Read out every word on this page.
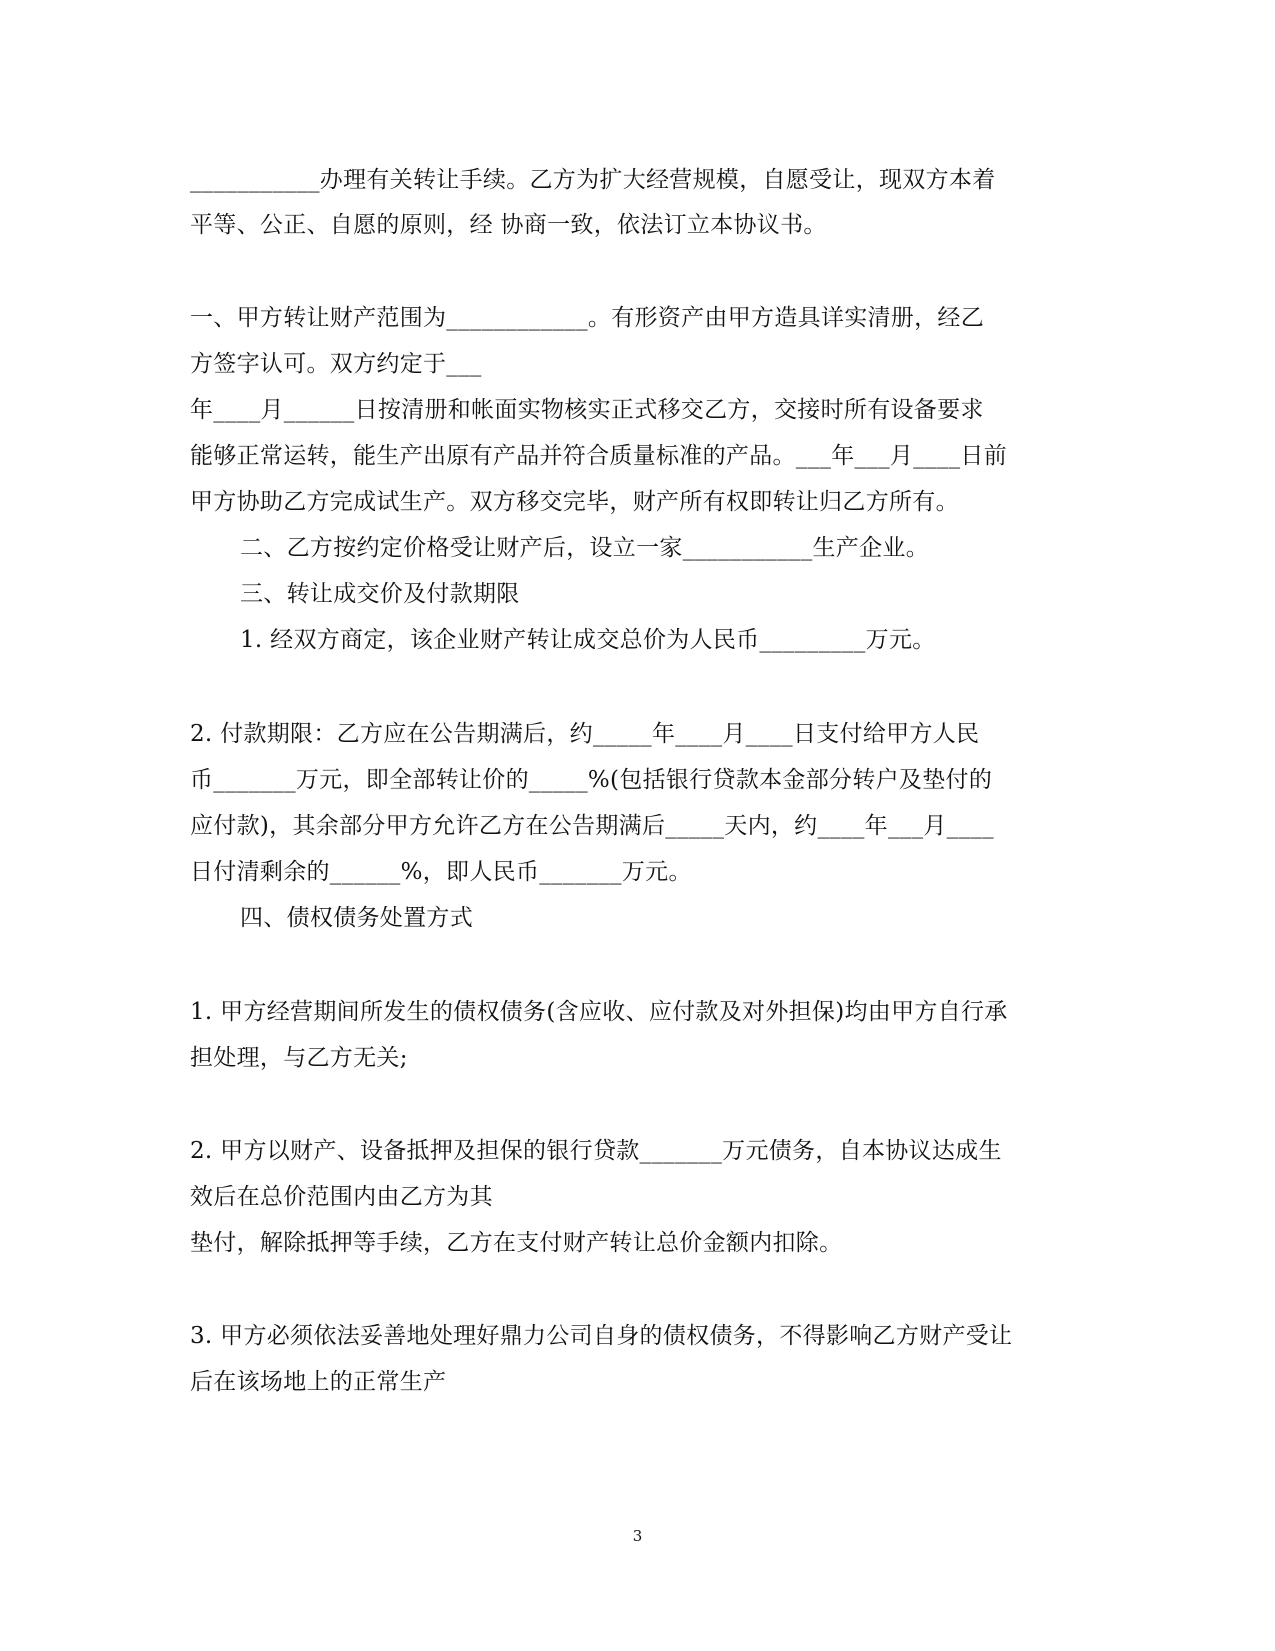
___________办理有关转让手续。乙方为扩大经营规模，自愿受让，现双方本着
平等、公正、自愿的原则，经 协商一致，依法订立本协议书。
一、甲方转让财产范围为____________。有形资产由甲方造具详实清册，经乙
方签字认可。双方约定于___
年____月______日按清册和帐面实物核实正式移交乙方，交接时所有设备要求
能够正常运转，能生产出原有产品并符合质量标准的产品。___年___月____日前
甲方协助乙方完成试生产。双方移交完毕，财产所有权即转让归乙方所有。
二、乙方按约定价格受让财产后，设立一家___________生产企业。
三、转让成交价及付款期限
1. 经双方商定，该企业财产转让成交总价为人民币_________万元。
2. 付款期限：乙方应在公告期满后，约_____年____月____日支付给甲方人民
币_______万元，即全部转让价的_____%(包括银行贷款本金部分转户及垫付的
应付款)，其余部分甲方允许乙方在公告期满后_____天内，约____年___月____
日付清剩余的______%，即人民币_______万元。
四、债权债务处置方式
1. 甲方经营期间所发生的债权债务(含应收、应付款及对外担保)均由甲方自行承
担处理，与乙方无关;
2. 甲方以财产、设备抵押及担保的银行贷款_______万元债务，自本协议达成生
效后在总价范围内由乙方为其
垫付，解除抵押等手续，乙方在支付财产转让总价金额内扣除。
3. 甲方必须依法妥善地处理好鼎力公司自身的债权债务，不得影响乙方财产受让
后在该场地上的正常生产
3
